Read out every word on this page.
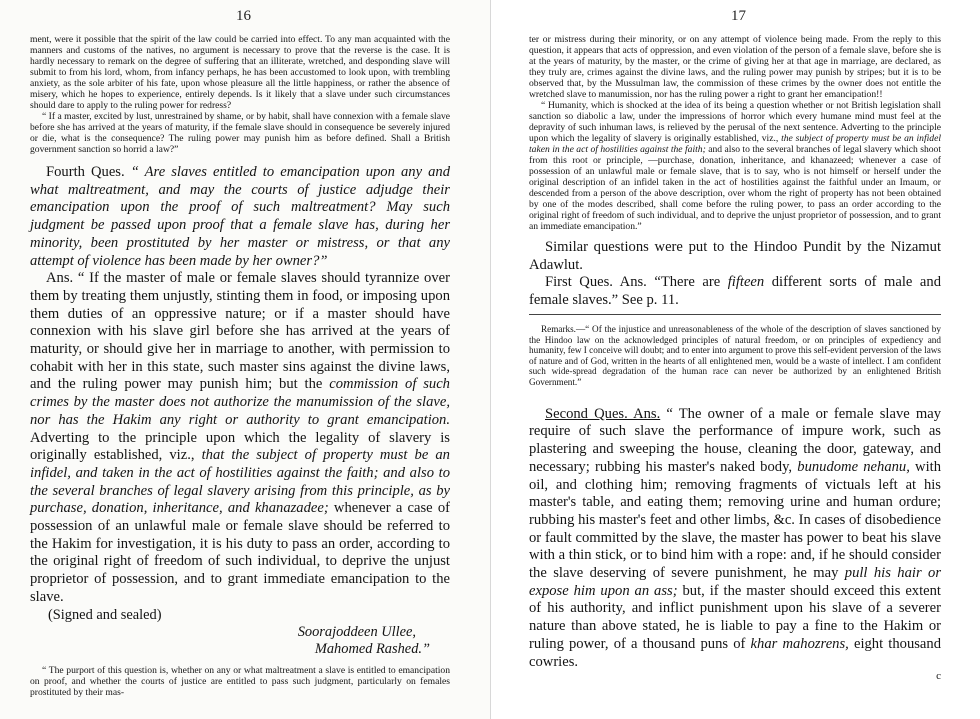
16

ment, were it possible that the spirit of the law could be carried into effect. To any man acquainted with the manners and customs of the natives, no argument is necessary to prove that the reverse is the case. It is hardly necessary to remark on the degree of suffering that an illiterate, wretched, and desponding slave will submit to from his lord, whom, from infancy perhaps, he has been accustomed to look upon, with trembling anxiety, as the sole arbiter of his fate, upon whose pleasure all the little happiness, or rather the absence of misery, which he hopes to experience, entirely depends. Is it likely that a slave under such circumstances should dare to apply to the ruling power for redress?

“ If a master, excited by lust, unrestrained by shame, or by habit, shall have connexion with a female slave before she has arrived at the years of maturity, if the female slave should in consequence be severely injured or die, what is the consequence? The ruling power may punish him as before defined. Shall a British government sanction so horrid a law?”

Fourth Ques. “ Are slaves entitled to emancipation upon any and what maltreatment, and may the courts of justice adjudge their emancipation upon the proof of such maltreatment? May such judgment be passed upon proof that a female slave has, during her minority, been prostituted by her master or mistress, or that any attempt of violence has been made by her owner?”

Ans. “ If the master of male or female slaves should tyrannize over them by treating them unjustly, stinting them in food, or imposing upon them duties of an oppressive nature; or if a master should have connexion with his slave girl before she has arrived at the years of maturity, or should give her in marriage to another, with permission to cohabit with her in this state, such master sins against the divine laws, and the ruling power may punish him; but the commission of such crimes by the master does not authorize the manumission of the slave, nor has the Hakim any right or authority to grant emancipation. Adverting to the principle upon which the legality of slavery is originally established, viz., that the subject of property must be an infidel, and taken in the act of hostilities against the faith; and also to the several branches of legal slavery arising from this principle, as by purchase, donation, inheritance, and khanazadee; whenever a case of possession of an unlawful male or female slave should be referred to the Hakim for investigation, it is his duty to pass an order, according to the original right of freedom of such individual, to deprive the unjust proprietor of possession, and to grant immediate emancipation to the slave.

(Signed and sealed)
Soorajoddeen Ullee,
Mahomed Rashed.”

“ The purport of this question is, whether on any or what maltreatment a slave is entitled to emancipation on proof, and whether the courts of justice are entitled to pass such judgment, particularly on females prostituted by their mas-

17

ter or mistress during their minority, or on any attempt of violence being made. From the reply to this question, it appears that acts of oppression, and even violation of the person of a female slave, before she is at the years of maturity, by the master, or the crime of giving her at that age in marriage, are declared, as they truly are, crimes against the divine laws, and the ruling power may punish by stripes; but it is to be observed that, by the Mussulman law, the commission of these crimes by the owner does not entitle the wretched slave to manumission, nor has the ruling power a right to grant her emancipation!!

“ Humanity, which is shocked at the idea of its being a question whether or not British legislation shall sanction so diabolic a law, under the impressions of horror which every humane mind must feel at the depravity of such inhuman laws, is relieved by the perusal of the next sentence. Adverting to the principle upon which the legality of slavery is originally established, viz., the subject of property must be an infidel taken in the act of hostilities against the faith; and also to the several branches of legal slavery which shoot from this root or principle, —purchase, donation, inheritance, and khanazeed; whenever a case of possession of an unlawful male or female slave, that is to say, who is not himself or herself under the original description of an infidel taken in the act of hostilities against the faithful under an Imaum, or descended from a person of the above description, over whom the right of property has not been obtained by one of the modes described, shall come before the ruling power, to pass an order according to the original right of freedom of such individual, and to deprive the unjust proprietor of possession, and to grant an immediate emancipation.”

Similar questions were put to the Hindoo Pundit by the Nizamut Adawlut.

First Ques. Ans. “There are fifteen different sorts of male and female slaves.” See p. 11.

Remarks.—“ Of the injustice and unreasonableness of the whole of the description of slaves sanctioned by the Hindoo law on the acknowledged principles of natural freedom, or on principles of expediency and humanity, few I conceive will doubt; and to enter into argument to prove this self-evident perversion of the laws of nature and of God, written in the hearts of all enlightened men, would be a waste of intellect. I am confident such wide-spread degradation of the human race can never be authorized by an enlightened British Government.”

Second Ques. Ans. “ The owner of a male or female slave may require of such slave the performance of impure work, such as plastering and sweeping the house, cleaning the door, gateway, and necessary; rubbing his master's naked body, bunudome nehanu, with oil, and clothing him; removing fragments of victuals left at his master's table, and eating them; removing urine and human ordure; rubbing his master's feet and other limbs, &c. In cases of disobedience or fault committed by the slave, the master has power to beat his slave with a thin stick, or to bind him with a rope: and, if he should consider the slave deserving of severe punishment, he may pull his hair or expose him upon an ass; but, if the master should exceed this extent of his authority, and inflict punishment upon his slave of a severer nature than above stated, he is liable to pay a fine to the Hakim or ruling power, of a thousand puns of khar mahozrens, eight thousand cowries.

c
